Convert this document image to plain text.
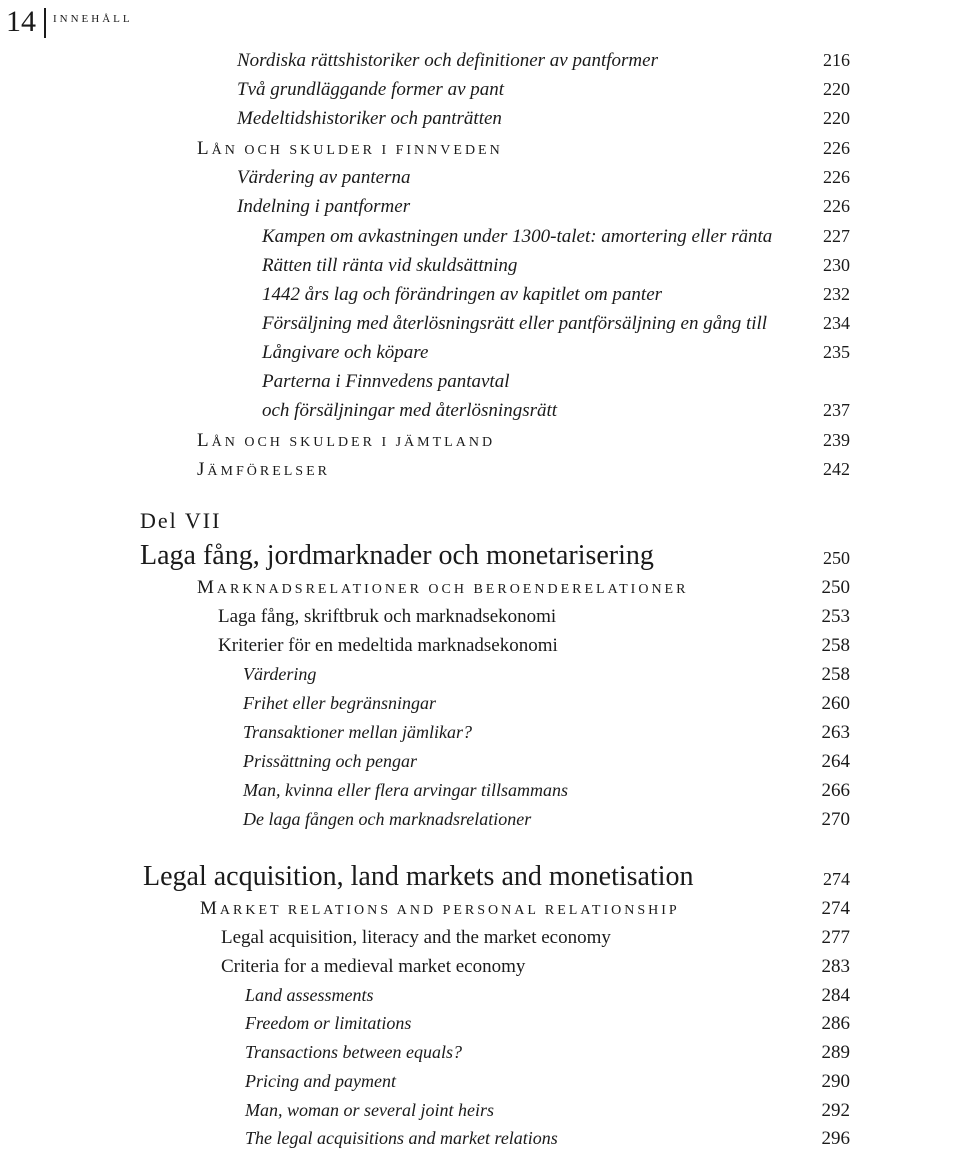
14 INNEHÅLL
Nordiska rättshistoriker och definitioner av pantformer	216
Två grundläggande former av pant	220
Medeltidshistoriker och panträtten	220
LÅN OCH SKULDER I FINNVEDEN	226
Värdering av panterna	226
Indelning i pantformer	226
Kampen om avkastningen under 1300-talet: amortering eller ränta	227
Rätten till ränta vid skuldsättning	230
1442 års lag och förändringen av kapitlet om panter	232
Försäljning med återlösningsrätt eller pantförsäljning en gång till	234
Långivare och köpare	235
Parterna i Finnvedens pantavtal
och försäljningar med återlösningsrätt	237
LÅN OCH SKULDER I JÄMTLAND	239
JÄMFÖRELSER	242
Del VII
Laga fång, jordmarknader och monetarisering	250
MARKNADSRELATIONER OCH BEROENDERELATIONER	250
Laga fång, skriftbruk och marknadsekonomi	253
Kriterier för en medeltida marknadsekonomi	258
Värdering	258
Frihet eller begränsningar	260
Transaktioner mellan jämlikar?	263
Prissättning och pengar	264
Man, kvinna eller flera arvingar tillsammans	266
De laga fången och marknadsrelationer	270
Legal acquisition, land markets and monetisation	274
MARKET RELATIONS AND PERSONAL RELATIONSHIP	274
Legal acquisition, literacy and the market economy	277
Criteria for a medieval market economy	283
Land assessments	284
Freedom or limitations	286
Transactions between equals?	289
Pricing and payment	290
Man, woman or several joint heirs	292
The legal acquisitions and market relations	296
